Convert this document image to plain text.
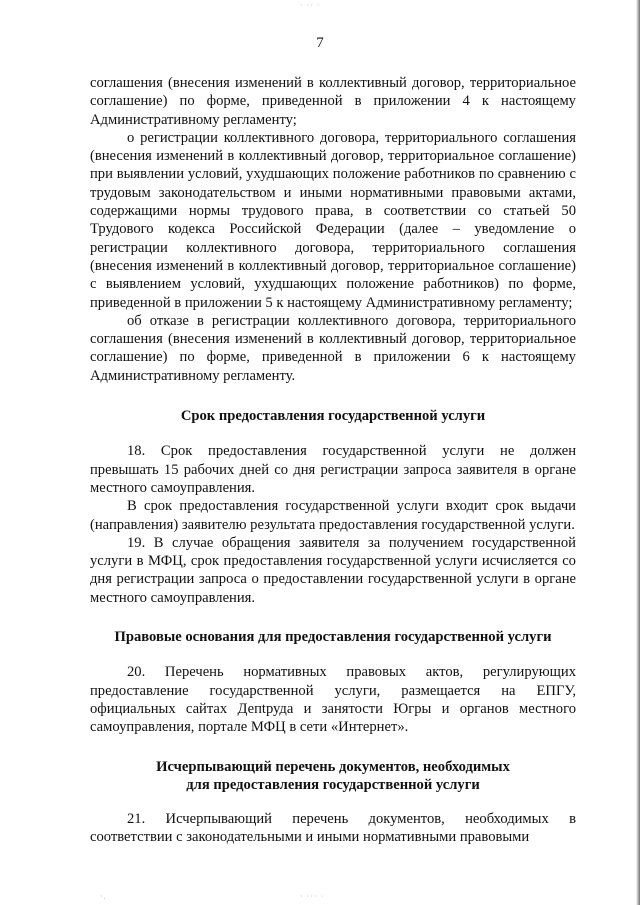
· ·· ·
7

соглашения (внесения изменений в коллективный договор, территориальное соглашение) по форме, приведенной в приложении 4 к настоящему Административному регламенту;

о регистрации коллективного договора, территориального соглашения (внесения изменений в коллективный договор, территориальное соглашение) при выявлении условий, ухудшающих положение работников по сравнению с трудовым законодательством и иными нормативными правовыми актами, содержащими нормы трудового права, в соответствии со статьей 50 Трудового кодекса Российской Федерации (далее – уведомление о регистрации коллективного договора, территориального соглашения (внесения изменений в коллективный договор, территориальное соглашение) с выявлением условий, ухудшающих положение работников) по форме, приведенной в приложении 5 к настоящему Административному регламенту;

об отказе в регистрации коллективного договора, территориального соглашения (внесения изменений в коллективный договор, территориальное соглашение) по форме, приведенной в приложении 6 к настоящему Административному регламенту.

Срок предоставления государственной услуги

18. Срок предоставления государственной услуги не должен превышать 15 рабочих дней со дня регистрации запроса заявителя в органе местного самоуправления.

В срок предоставления государственной услуги входит срок выдачи (направления) заявителю результата предоставления государственной услуги.

19. В случае обращения заявителя за получением государственной услуги в МФЦ, срок предоставления государственной услуги исчисляется со дня регистрации запроса о предоставлении государственной услуги в органе местного самоуправления.

Правовые основания для предоставления государственной услуги

20. Перечень нормативных правовых актов, регулирующих предоставление государственной услуги, размещается на ЕПГУ, официальных сайтах Депtруда и занятости Югры и органов местного самоуправления, портале МФЦ в сети «Интернет».

Исчерпывающий перечень документов, необходимых
для предоставления государственной услуги

21. Исчерпывающий перечень документов, необходимых в соответствии с законодательными и иными нормативными правовыми

·.	· ··· ·
